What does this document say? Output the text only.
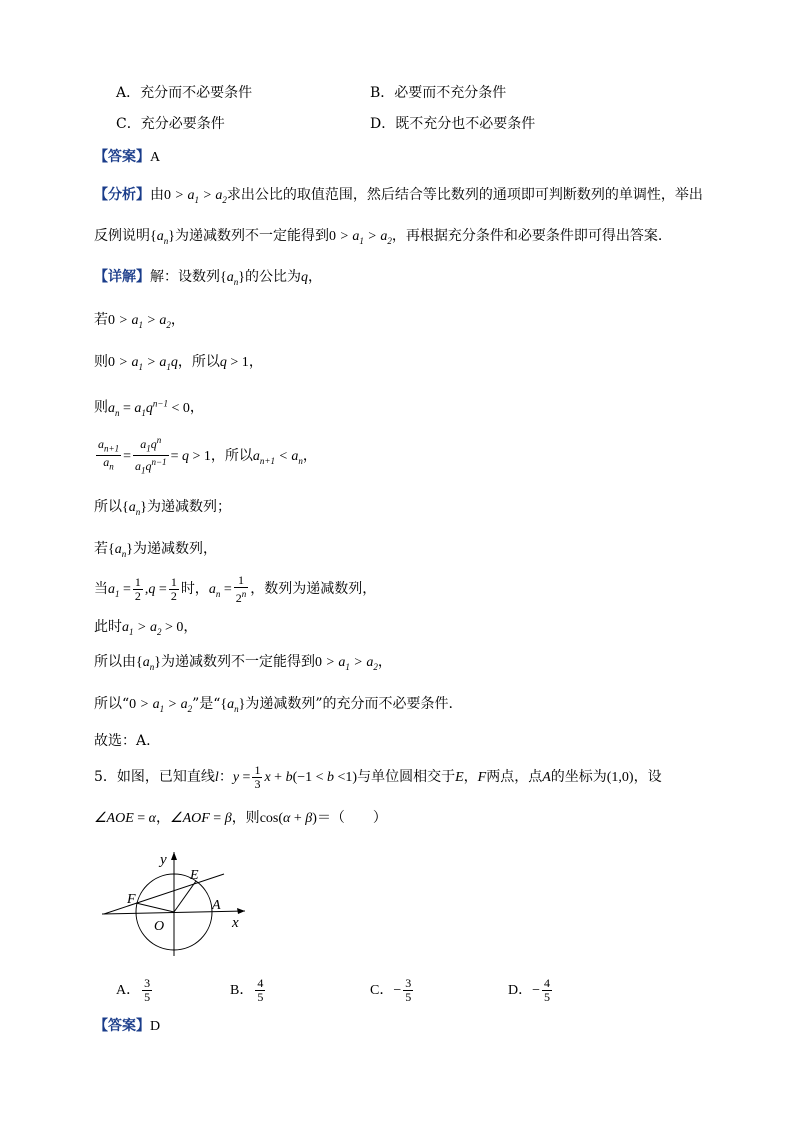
A．充分而不必要条件	B．必要而不充分条件
C．充分必要条件	D．既不充分也不必要条件
【答案】A
【分析】由$0 > a_1 > a_2$求出公比的取值范围，然后结合等比数列的通项即可判断数列的单调性，举出
反例说明$\{a_n\}$为递减数列不一定能得到$0 > a_1 > a_2$，再根据充分条件和必要条件即可得出答案.
【详解】解：设数列$\{a_n\}$的公比为q，
若$0 > a_1 > a_2$，
则$0 > a_1 > a_1q$，所以q > 1，
则$a_n = a_1q^{n-1} < 0$，
$\frac{a_{n+1}}{a_n} = \frac{a_1q^n}{a_1q^{n-1}} = q > 1$，所以$a_{n+1} < a_n$，
所以$\{a_n\}$为递减数列；
若$\{a_n\}$为递减数列，
当$a_1 = \frac{1}{2} ,q = \frac{1}{2}$ 时，$a_n = \frac{1}{2^n}$ ，数列为递减数列，
此时$a_1 > a_2 > 0$，
所以由$\{a_n\}$为递减数列不一定能得到$0 > a_1 > a_2$，
所以“$0 > a_1 > a_2$”是“$\{a_n\}$为递减数列”的充分而不必要条件.
故选：A.
5．如图，已知直线l：$y = \frac{1}{3}$ x + b(−1 < b <1)与单位圆相交于E，F两点，点A的坐标为(1,0)，设
∠AOE = α，∠AOF = β，则cos(α + β)＝（　　）
y
x
E
F	A
O
A． $\frac{3}{5}$	B． $\frac{4}{5}$	C．− $\frac{3}{5}$	D．− $\frac{4}{5}$
【答案】D
